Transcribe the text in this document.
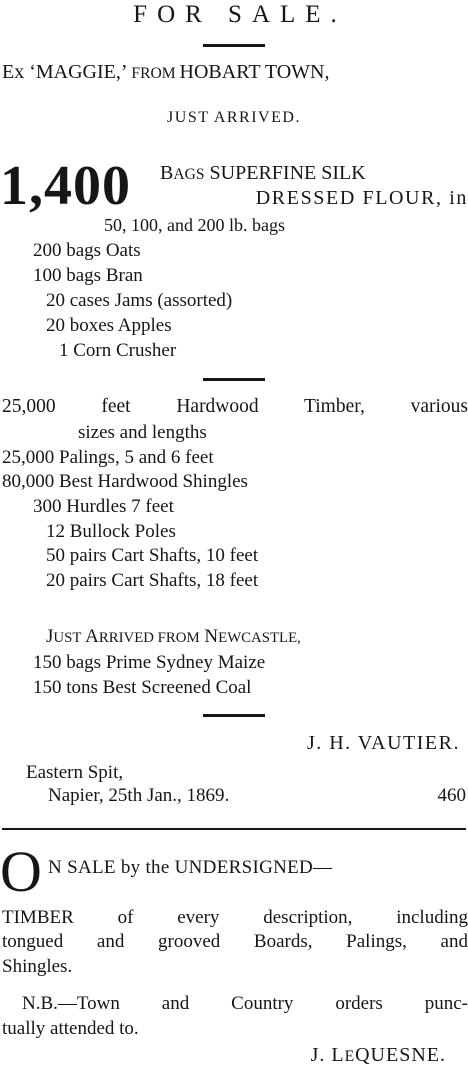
FOR SALE.
Ex ‘MAGGIE,’ FROM HOBART TOWN,
JUST ARRIVED.
1,400 BAGS SUPERFINE SILK
DRESSED FLOUR, in
50, 100, and 200 lb. bags
200 bags Oats
100 bags Bran
20 cases Jams (assorted)
20 boxes Apples
1 Corn Crusher
25,000 feet Hardwood Timber, various
sizes and lengths
25,000 Palings, 5 and 6 feet
80,000 Best Hardwood Shingles
300 Hurdles 7 feet
12 Bullock Poles
50 pairs Cart Shafts, 10 feet
20 pairs Cart Shafts, 18 feet
JUST ARRIVED FROM NEWCASTLE,
150 bags Prime Sydney Maize
150 tons Best Screened Coal
J. H. VAUTIER.
Eastern Spit,
Napier, 25th Jan., 1869.	460
O N SALE by the UNDERSIGNED—
TIMBER of every description, including
tongued and grooved Boards, Palings, and
Shingles.
N.B.—Town and Country orders punc-
tually attended to.
J. LEQUESNE.
